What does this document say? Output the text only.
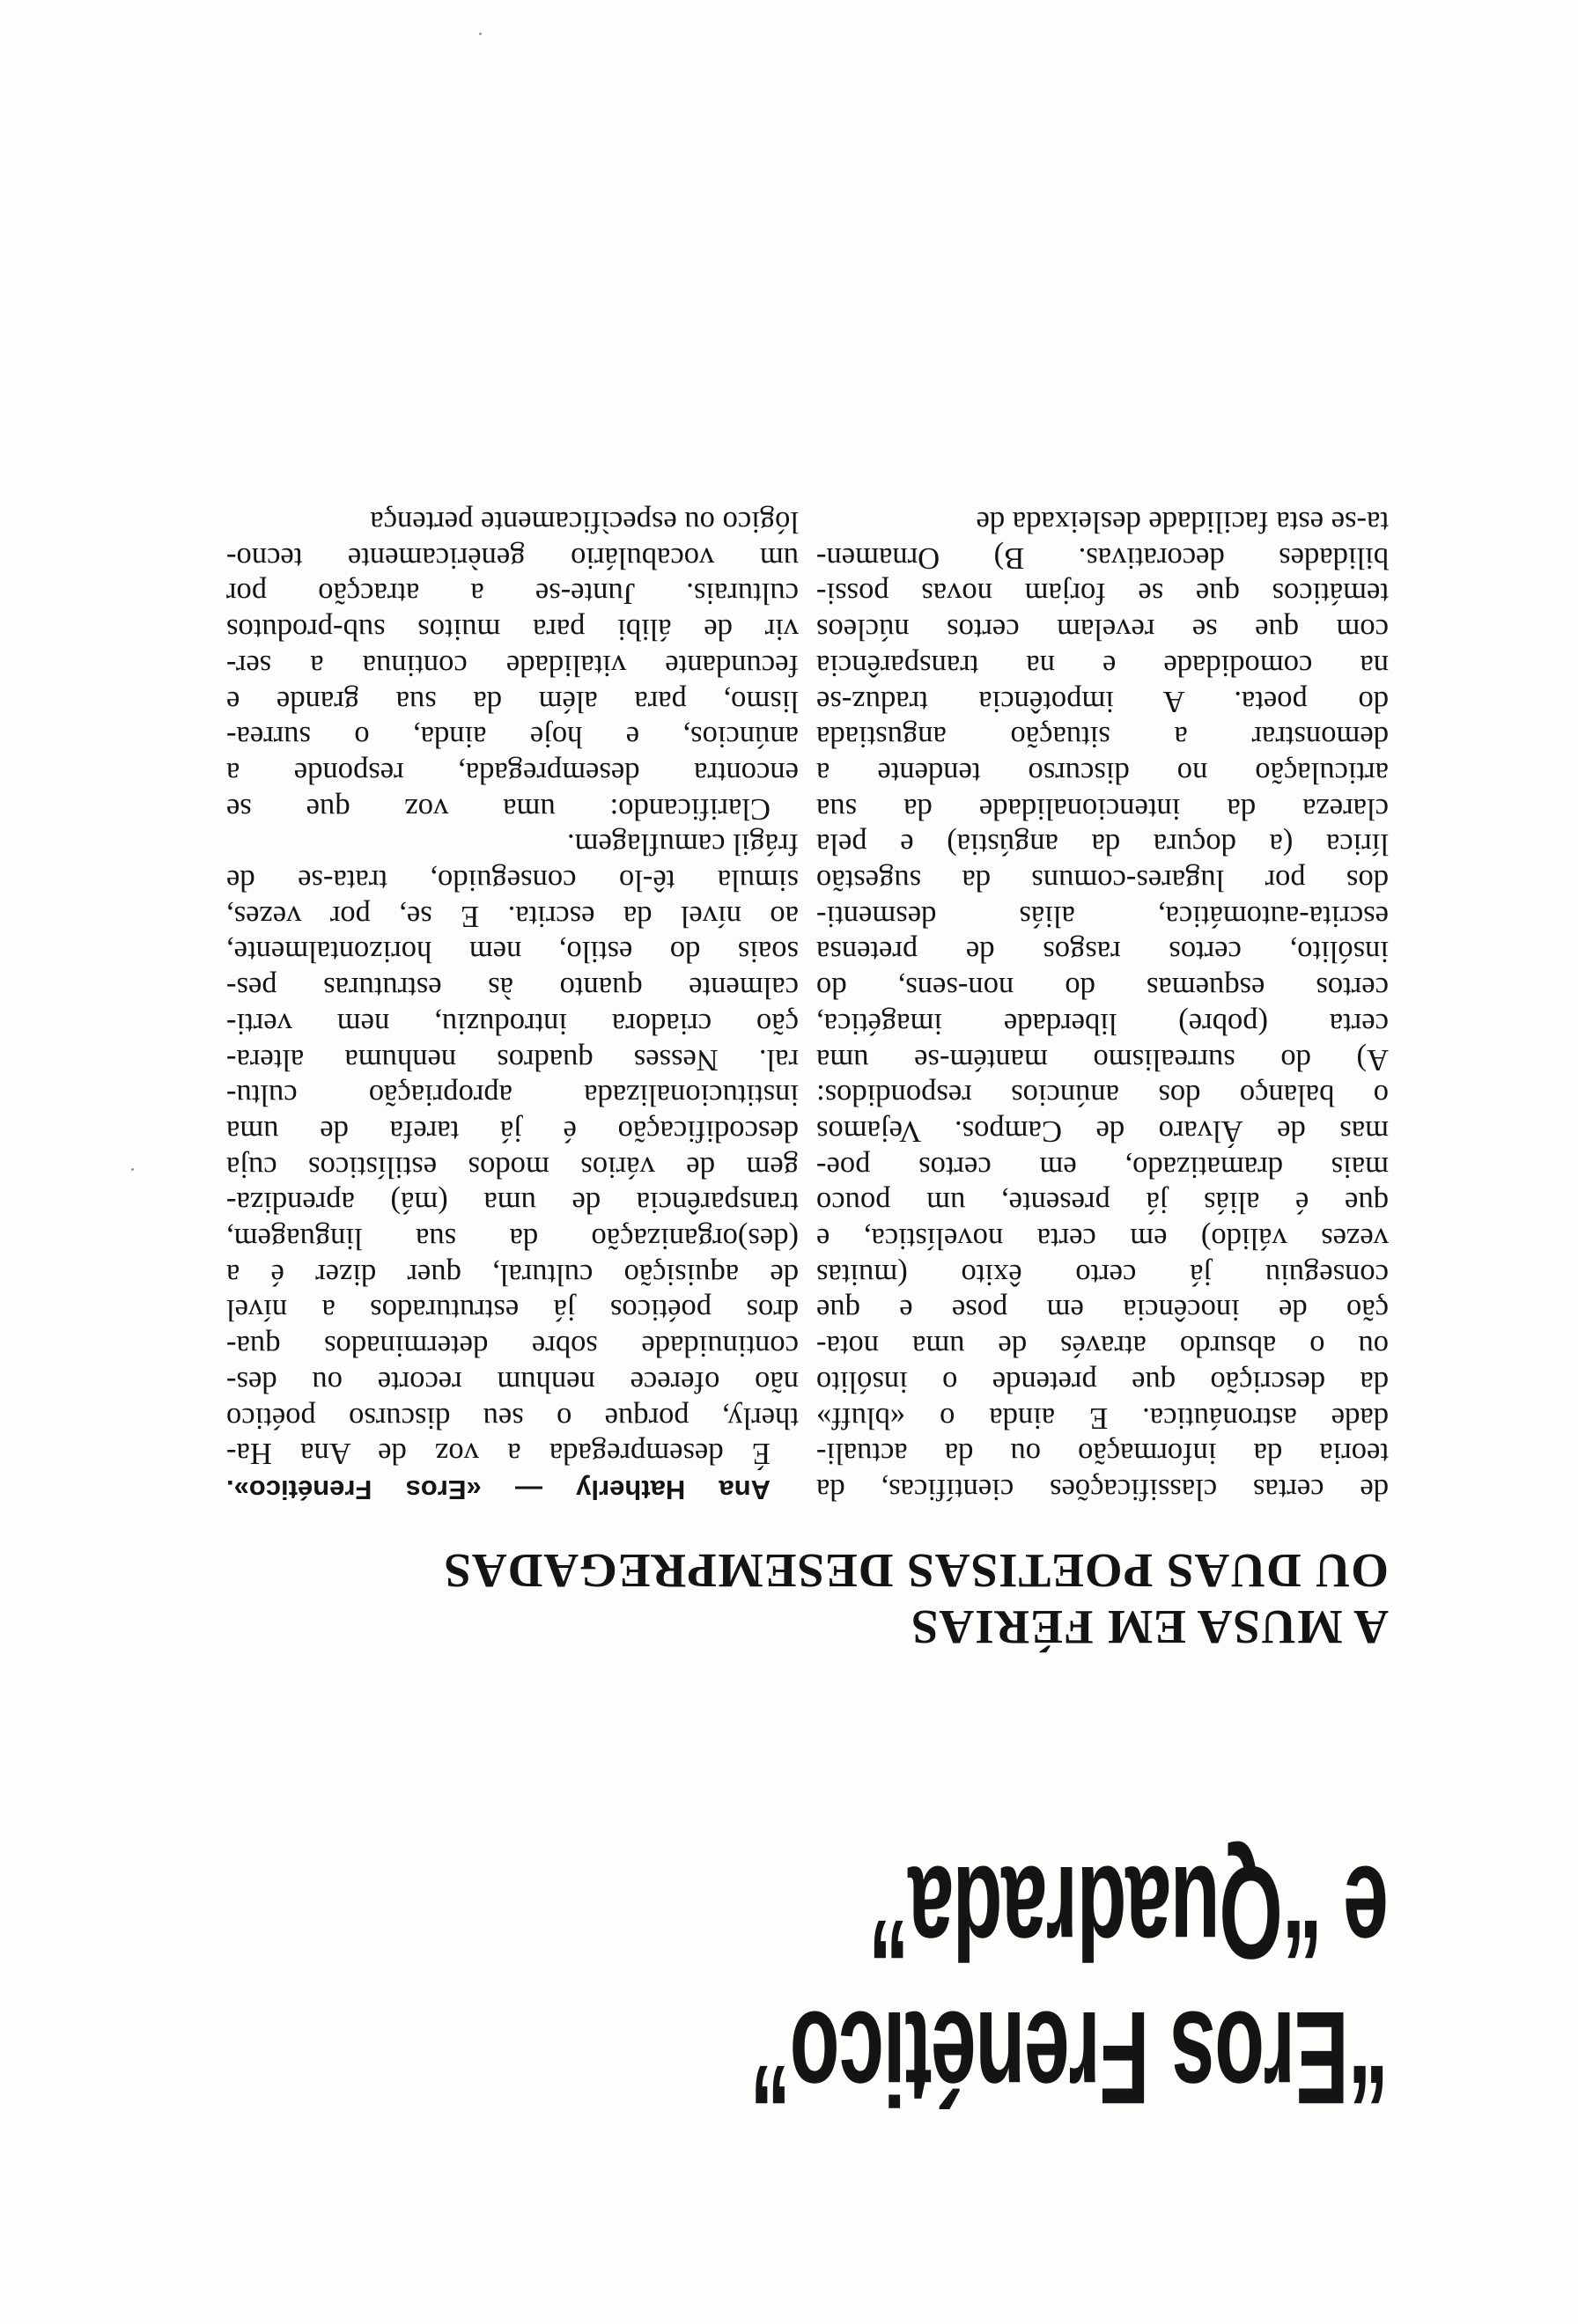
“Eros Frenético”
e “Quadrada”
A MUSA EM FÉRIAS
OU DUAS POETISAS DESEMPREGADAS
Ana Hatherly — «Eros Frenético».
É desempregada a voz de Ana Ha-
therly, porque o seu discurso poético
não oferece nenhum recorte ou des-
continuidade sobre determinados qua-
dros poéticos já estruturados a nível
de aquisição cultural, quer dizer é a
(des)organização da sua linguagem,
transparência de uma (má) aprendiza-
gem de vários modos estilísticos cuja
descodificação é já tarefa de uma
institucionalizada apropriação cultu-
ral. Nesses quadros nenhuma altera-
ção criadora introduziu, nem verti-
calmente quanto às estruturas pes-
soais do estilo, nem horizontalmente,
ao nível da escrita. E se, por vezes,
simula tê-lo conseguido, trata-se de
frágil camuflagem.
Clarificando: uma voz que se
encontra desempregada, responde a
anúncios, e hoje ainda, o surrea-
lismo, para além da sua grande e
fecundante vitalidade continua a ser-
vir de álibi para muitos sub-produtos
culturais. Junte-se a atracção por
um vocabulário genèricamente tecno-
lógico ou especìficamente pertença
de certas classificações científicas, da
teoria da informação ou da actuali-
dade astronáutica. E ainda o «bluff»
da descrição que pretende o insólito
ou o absurdo através de uma nota-
ção de inocência em pose e que
conseguiu já certo êxito (muitas
vezes válido) em certa novelística, e
que é aliás já presente, um pouco
mais dramatizado, em certos poe-
mas de Álvaro de Campos. Vejamos
o balanço dos anúncios respondidos:
A) do surrealismo mantém-se uma
certa (pobre) liberdade imagética,
certos esquemas do non-sens, do
insólito, certos rasgos de pretensa
escrita-automática, aliás desmenti-
dos por lugares-comuns da sugestão
lírica (a doçura da angústia) e pela
clareza da intencionalidade da sua
articulação no discurso tendente a
demonstrar a situação angustiada
do poeta. A impotência traduz-se
na comodidade e na transparência
com que se revelam certos núcleos
temáticos que se forjam novas possi-
bilidades decorativas. B) Ornamen-
ta-se esta facilidade desleixada de
